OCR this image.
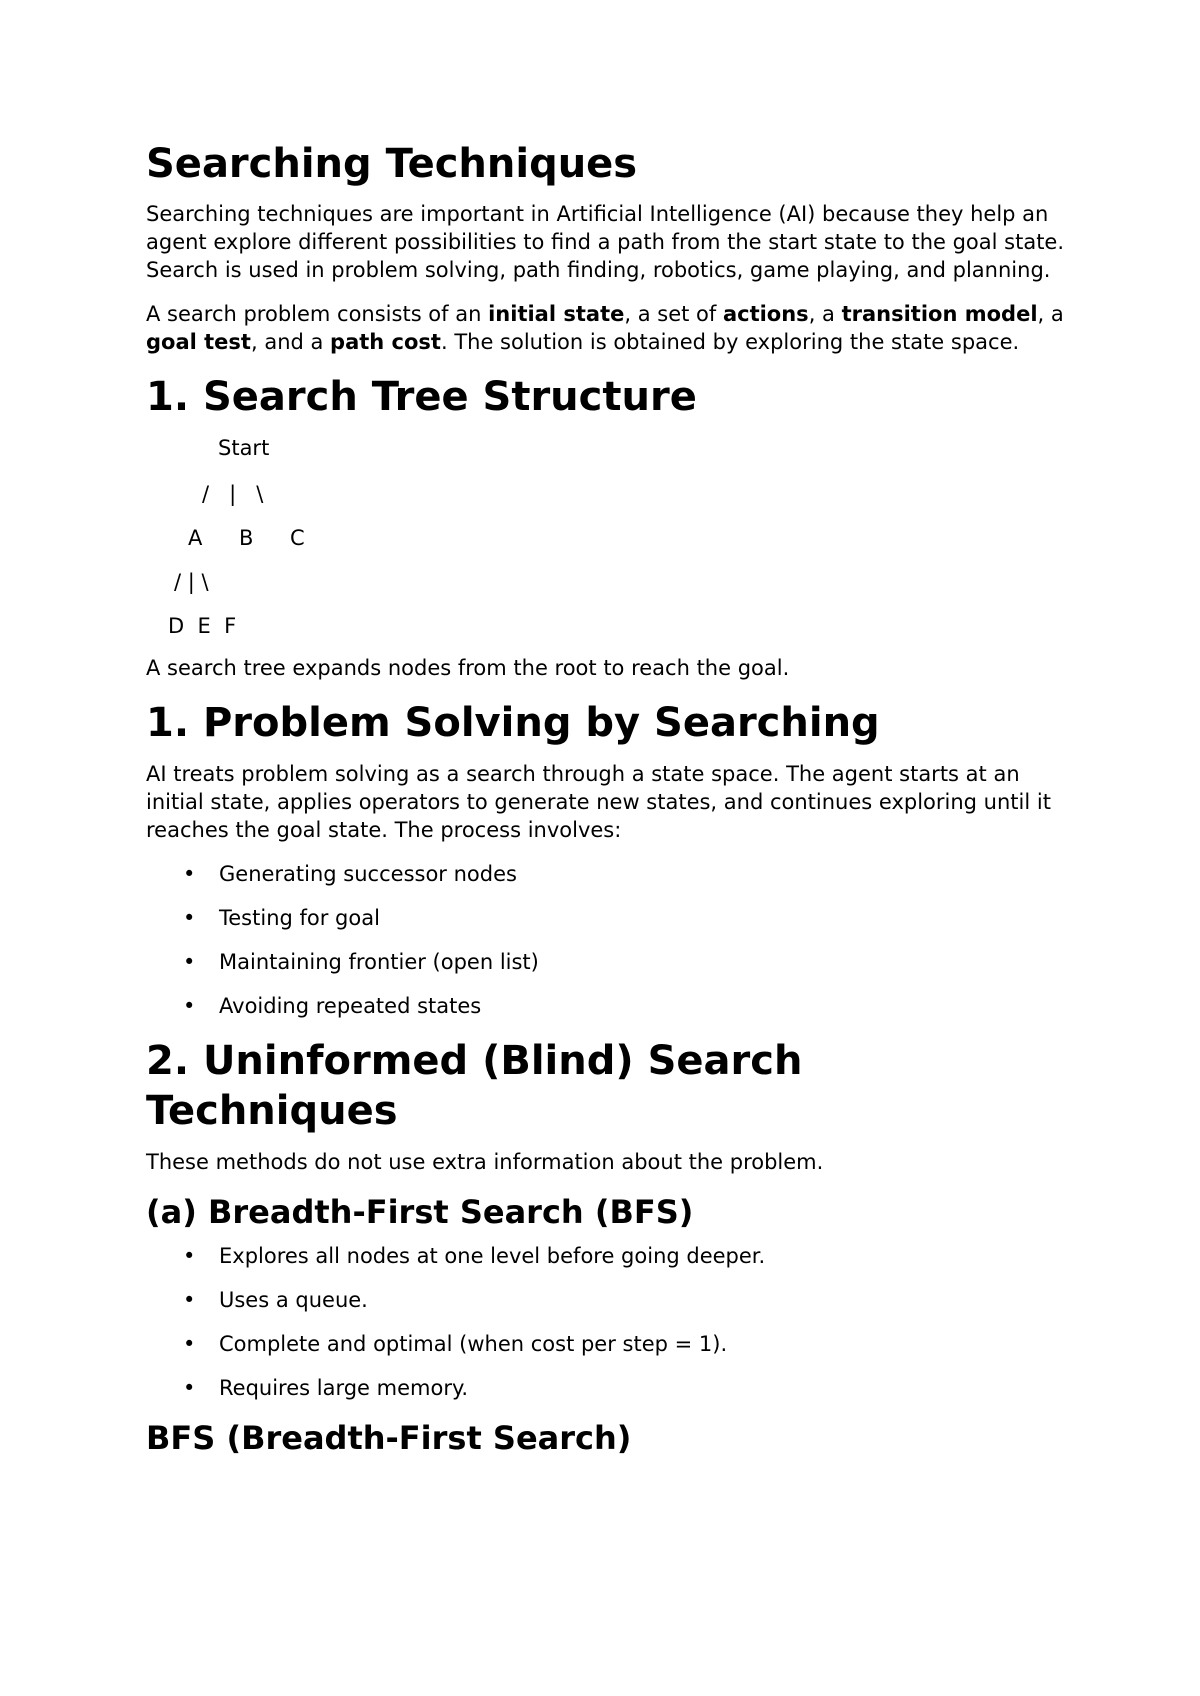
Searching Techniques

Searching techniques are important in Artificial Intelligence (AI) because they help an agent explore different possibilities to find a path from the start state to the goal state. Search is used in problem solving, path finding, robotics, game playing, and planning.

A search problem consists of an initial state, a set of actions, a transition model, a goal test, and a path cost. The solution is obtained by exploring the state space.

1. Search Tree Structure
Start
/   |   \
A B C
/ | \
D  E  F

A search tree expands nodes from the root to reach the goal.

1. Problem Solving by Searching

AI treats problem solving as a search through a state space. The agent starts at an initial state, applies operators to generate new states, and continues exploring until it reaches the goal state. The process involves:

• Generating successor nodes
• Testing for goal
• Maintaining frontier (open list)
• Avoiding repeated states
2. Uninformed (Blind) Search Techniques

These methods do not use extra information about the problem.

(a) Breadth-First Search (BFS)
• Explores all nodes at one level before going deeper.
• Uses a queue.
• Complete and optimal (when cost per step = 1).
• Requires large memory.
BFS (Breadth-First Search)
